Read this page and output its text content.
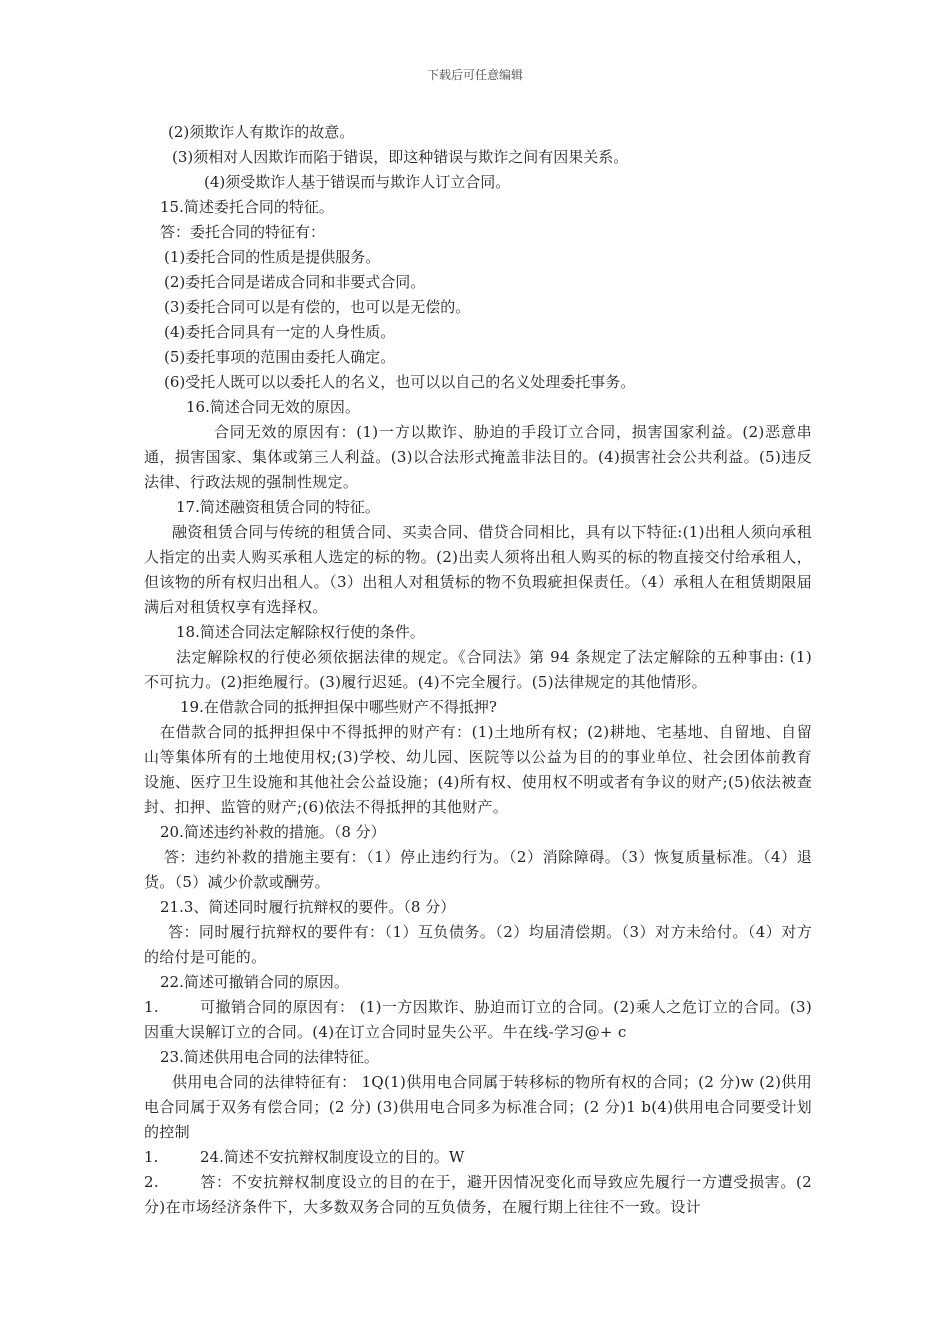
下载后可任意编辑
(2)须欺诈人有欺诈的故意。
(3)须相对人因欺诈而陷于错误，即这种错误与欺诈之间有因果关系。
(4)须受欺诈人基于错误而与欺诈人订立合同。
15.简述委托合同的特征。
答：委托合同的特征有：
(1)委托合同的性质是提供服务。
(2)委托合同是诺成合同和非要式合同。
(3)委托合同可以是有偿的，也可以是无偿的。
(4)委托合同具有一定的人身性质。
(5)委托事项的范围由委托人确定。
(6)受托人既可以以委托人的名义，也可以以自己的名义处理委托事务。
16.简述合同无效的原因。
合同无效的原因有：(1)一方以欺诈、胁迫的手段订立合同，损害国家利益。(2)恶意串通，损害国家、集体或第三人利益。(3)以合法形式掩盖非法目的。(4)损害社会公共利益。(5)违反法律、行政法规的强制性规定。
17.简述融资租赁合同的特征。
融资租赁合同与传统的租赁合同、买卖合同、借贷合同相比，具有以下特征:(1)出租人须向承租人指定的出卖人购买承租人选定的标的物。(2)出卖人须将出租人购买的标的物直接交付给承租人，但该物的所有权归出租人。（3）出租人对租赁标的物不负瑕疵担保责任。（4）承租人在租赁期限届满后对租赁权享有选择权。
18.简述合同法定解除权行使的条件。
法定解除权的行使必须依据法律的规定。《合同法》第 94 条规定了法定解除的五种事由: (1)不可抗力。(2)拒绝履行。(3)履行迟延。(4)不完全履行。(5)法律规定的其他情形。
19.在借款合同的抵押担保中哪些财产不得抵押?
在借款合同的抵押担保中不得抵押的财产有：(1)土地所有权；(2)耕地、宅基地、自留地、自留山等集体所有的土地使用权;(3)学校、幼儿园、医院等以公益为目的的事业单位、社会团体前教育设施、医疗卫生设施和其他社会公益设施；(4)所有权、使用权不明或者有争议的财产;(5)依法被查封、扣押、监管的财产;(6)依法不得抵押的其他财产。
20.简述违约补救的措施。（8 分）
答：违约补救的措施主要有：（1）停止违约行为。（2）消除障碍。（3）恢复质量标准。（4）退货。（5）减少价款或酬劳。
21.3、简述同时履行抗辩权的要件。（8 分）
答：同时履行抗辩权的要件有：（1）互负债务。（2）均届清偿期。（3）对方未给付。（4）对方的给付是可能的。
22.简述可撤销合同的原因。
1.	可撤销合同的原因有： (1)一方因欺诈、胁迫而订立的合同。(2)乘人之危订立的合同。(3)因重大误解订立的合同。(4)在订立合同时显失公平。牛在线-学习@+ c
23.简述供用电合同的法律特征。
供用电合同的法律特征有： 1Q(1)供用电合同属于转移标的物所有权的合同；(2 分)w (2)供用电合同属于双务有偿合同；(2 分) (3)供用电合同多为标准合同；(2 分)1 b(4)供用电合同要受计划的控制
1.	24.简述不安抗辩权制度设立的目的。W
2.	答：不安抗辩权制度设立的目的在于，避开因情况变化而导致应先履行一方遭受损害。(2 分)在市场经济条件下，大多数双务合同的互负债务，在履行期上往往不一致。设计
